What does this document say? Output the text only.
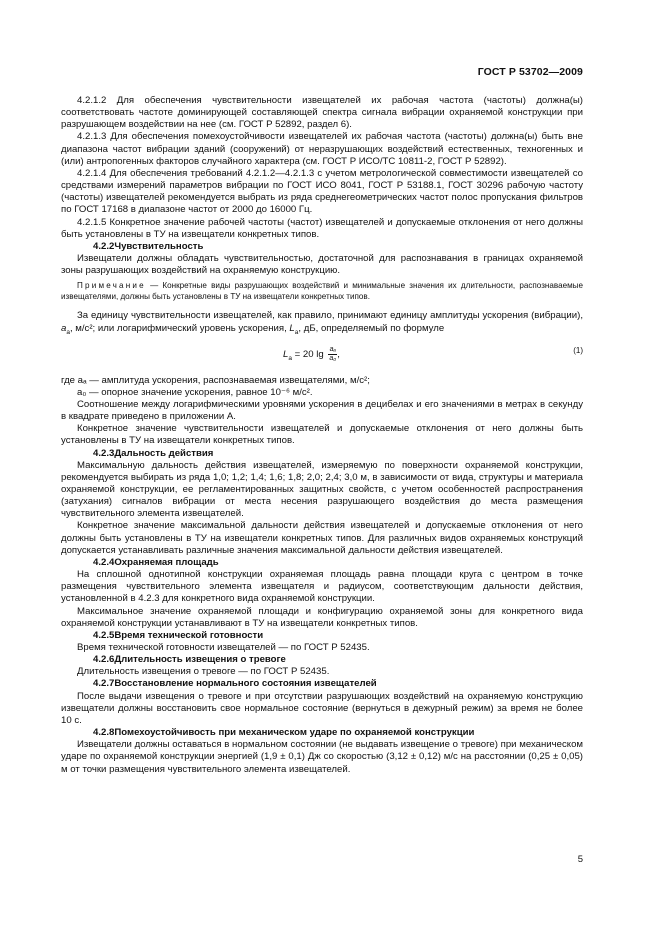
ГОСТ Р 53702—2009

4.2.1.2 Для обеспечения чувствительности извещателей их рабочая частота (частоты) должна(ы) соответствовать частоте доминирующей составляющей спектра сигнала вибрации охраняемой конструкции при разрушающем воздействии на нее (см. ГОСТ Р 52892, раздел 6).

4.2.1.3 Для обеспечения помехоустойчивости извещателей их рабочая частота (частоты) должна(ы) быть вне диапазона частот вибрации зданий (сооружений) от неразрушающих воздействий естественных, техногенных и (или) антропогенных факторов случайного характера (см. ГОСТ Р ИСО/ТС 10811-2, ГОСТ Р 52892).

4.2.1.4 Для обеспечения требований 4.2.1.2—4.2.1.3 с учетом метрологической совместимости извещателей со средствами измерений параметров вибрации по ГОСТ ИСО 8041, ГОСТ Р 53188.1, ГОСТ 30296 рабочую частоту (частоты) извещателей рекомендуется выбрать из ряда среднегеометрических частот полос пропускания фильтров по ГОСТ 17168 в диапазоне частот от 2000 до 16000 Гц.

4.2.1.5 Конкретное значение рабочей частоты (частот) извещателей и допускаемые отклонения от него должны быть установлены в ТУ на извещатели конкретных типов.

4.2.2Чувствительность

Извещатели должны обладать чувствительностью, достаточной для распознавания в границах охраняемой зоны разрушающих воздействий на охраняемую конструкцию.

Примечание — Конкретные виды разрушающих воздействий и минимальные значения их длительности, распознаваемые извещателями, должны быть установлены в ТУ на извещатели конкретных типов.

За единицу чувствительности извещателей, как правило, принимают единицу амплитуды ускорения (вибрации), $a_a$, м/с²; или логарифмический уровень ускорения, $L_a$, дБ, определяемый по формуле

$L_a = 20$ $\lg \frac{\text{aₐ}}{\text{a₀}}$ ,	(1)

где aₐ — амплитуда ускорения, распознаваемая извещателями, м/с²;

a₀ — опорное значение ускорения, равное 10⁻⁶ м/с².

Соотношение между логарифмическими уровнями ускорения в децибелах и его значениями в метрах в секунду в квадрате приведено в приложении А.

Конкретное значение чувствительности извещателей и допускаемые отклонения от него должны быть установлены в ТУ на извещатели конкретных типов.

4.2.3Дальность действия

Максимальную дальность действия извещателей, измеряемую по поверхности охраняемой конструкции, рекомендуется выбирать из ряда 1,0; 1,2; 1,4; 1,6; 1,8; 2,0; 2,4; 3,0 м, в зависимости от вида, структуры и материала охраняемой конструкции, ее регламентированных защитных свойств, с учетом особенностей распространения (затухания) сигналов вибрации от места несения разрушающего воздействия до места размещения чувствительного элемента извещателей.

Конкретное значение максимальной дальности действия извещателей и допускаемые отклонения от него должны быть установлены в ТУ на извещатели конкретных типов. Для различных видов охраняемых конструкций допускается устанавливать различные значения максимальной дальности действия извещателей.

4.2.4Охраняемая площадь

На сплошной однотипной конструкции охраняемая площадь равна площади круга с центром в точке размещения чувствительного элемента извещателя и радиусом, соответствующим дальности действия, установленной в 4.2.3 для конкретного вида охраняемой конструкции.

Максимальное значение охраняемой площади и конфигурацию охраняемой зоны для конкретного вида охраняемой конструкции устанавливают в ТУ на извещатели конкретных типов.

4.2.5Время технической готовности

Время технической готовности извещателей — по ГОСТ Р 52435.

4.2.6Длительность извещения о тревоге

Длительность извещения о тревоге — по ГОСТ Р 52435.

4.2.7Восстановление нормального состояния извещателей

После выдачи извещения о тревоге и при отсутствии разрушающих воздействий на охраняемую конструкцию извещатели должны восстановить свое нормальное состояние (вернуться в дежурный режим) за время не более 10 с.

4.2.8Помехоустойчивость при механическом ударе по охраняемой конструкции

Извещатели должны оставаться в нормальном состоянии (не выдавать извещение о тревоге) при механическом ударе по охраняемой конструкции энергией (1,9 ± 0,1) Дж со скоростью (3,12 ± 0,12) м/с на расстоянии (0,25 ± 0,05) м от точки размещения чувствительного элемента извещателей.

5
